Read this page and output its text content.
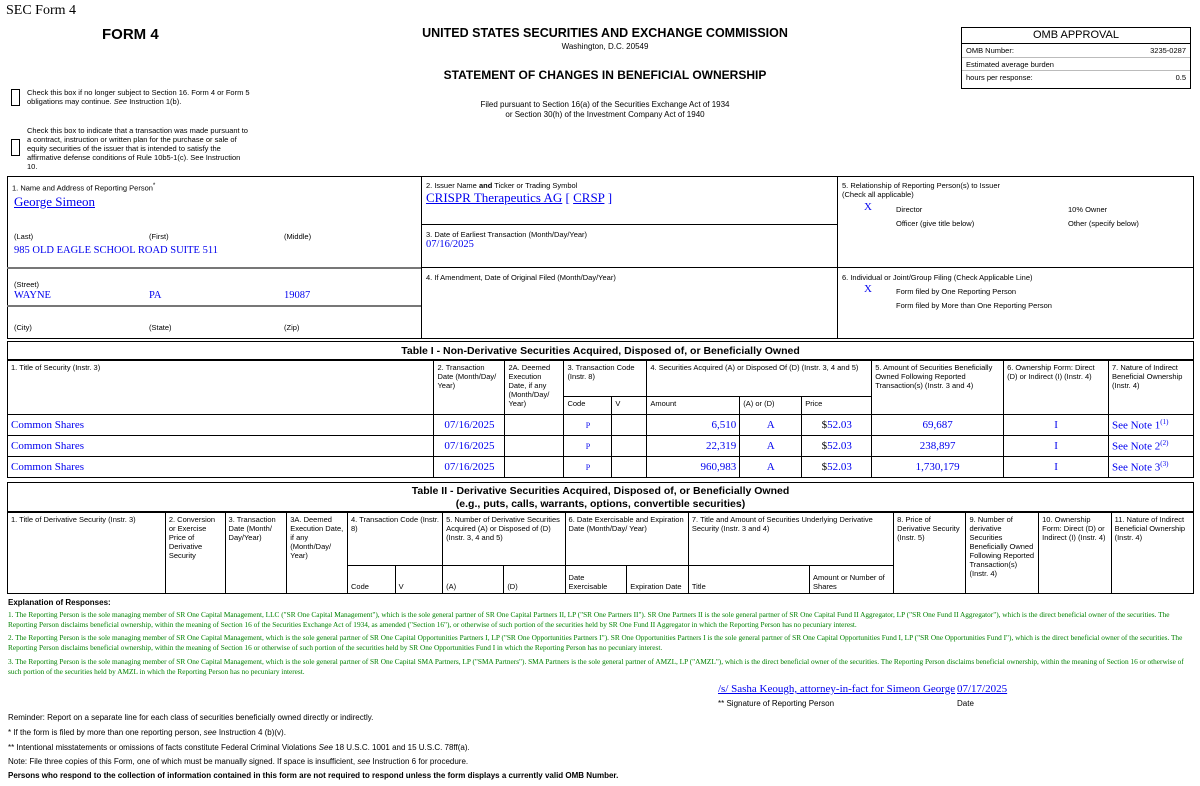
SEC Form 4
FORM 4	UNITED STATES SECURITIES AND EXCHANGE COMMISSION
Washington, D.C. 20549
STATEMENT OF CHANGES IN BENEFICIAL OWNERSHIP
Filed pursuant to Section 16(a) of the Securities Exchange Act of 1934
or Section 30(h) of the Investment Company Act of 1940
OMB APPROVAL
OMB Number:	3235-0287
Estimated average burden
hours per response:	0.5
Check this box if no longer subject to Section 16. Form 4 or Form 5
obligations may continue. See Instruction 1(b).
Check this box to indicate that a transaction was made pursuant to
a contract, instruction or written plan for the purchase or sale of
equity securities of the issuer that is intended to satisfy the
affirmative defense conditions of Rule 10b5-1(c). See Instruction
10.
1. Name and Address of Reporting Person*
George Simeon
(Last)	(First)	(Middle)
985 OLD EAGLE SCHOOL ROAD SUITE 511
(Street)
WAYNE	PA	19087
(City)	(State)	(Zip)
2. Issuer Name and Ticker or Trading Symbol
CRISPR Therapeutics AG [ CRSP ]
3. Date of Earliest Transaction (Month/Day/Year)
07/16/2025
4. If Amendment, Date of Original Filed (Month/Day/Year)
5. Relationship of Reporting Person(s) to Issuer
(Check all applicable)
X	Director	10% Owner
Officer (give title below)	Other (specify below)
6. Individual or Joint/Group Filing (Check Applicable Line)
X	Form filed by One Reporting Person
Form filed by More than One Reporting Person
Table I - Non-Derivative Securities Acquired, Disposed of, or Beneficially Owned
1. Title of Security (Instr. 3)	2. Transaction Date (Month/Day/ Year)	2A. Deemed Execution Date, if any (Month/Day/ Year)	3. Transaction Code (Instr. 8)		4. Securities Acquired (A) or Disposed Of (D) (Instr. 3, 4 and 5)			5. Amount of Securities Beneficially Owned Following Reported Transaction(s) (Instr. 3 and 4)	6. Ownership Form: Direct (D) or Indirect (I) (Instr. 4)	7. Nature of Indirect Beneficial Ownership (Instr. 4)
			Code	V	Amount	(A) or (D)	Price			
Common Shares	07/16/2025		P		6,510	A	$52.03	69,687	I	See Note 1$^{(1)}$
Common Shares	07/16/2025		P		22,319	A	$52.03	238,897	I	See Note 2$^{(2)}$
Common Shares	07/16/2025		P		960,983	A	$52.03	1,730,179	I	See Note 3$^{(3)}$
Table II - Derivative Securities Acquired, Disposed of, or Beneficially Owned
(e.g., puts, calls, warrants, options, convertible securities)
1. Title of Derivative Security (Instr. 3)	2. Conversion or Exercise Price of Derivative Security	3. Transaction Date (Month/ Day/Year)	3A. Deemed Execution Date, if any (Month/Day/ Year)	4. Transaction Code (Instr. 8)		5. Number of Derivative Securities Acquired (A) or Disposed of (D) (Instr. 3, 4 and 5)		6. Date Exercisable and Expiration Date (Month/Day/ Year)		7. Title and Amount of Securities Underlying Derivative Security (Instr. 3 and 4)		8. Price of Derivative Security (Instr. 5)	9. Number of derivative Securities Beneficially Owned Following Reported Transaction(s) (Instr. 4)	10. Ownership Form: Direct (D) or Indirect (I) (Instr. 4)	11. Nature of Indirect Beneficial Ownership (Instr. 4)
				Code	V	(A)	(D)	Date Exercisable	Expiration Date	Title	Amount or Number of Shares				
Explanation of Responses:
1. The Reporting Person is the sole managing member of SR One Capital Management, LLC ("SR One Capital Management"), which is the sole general partner of SR One Capital Partners II, LP ("SR One Partners II"). SR One Partners II is the sole general partner of SR One Capital Fund II Aggregator, LP ("SR One Fund II Aggregator"), which is the direct beneficial owner of the securities. The Reporting Person disclaims beneficial ownership, within the meaning of Section 16 of the Securities Exchange Act of 1934, as amended ("Section 16"), or otherwise of such portion of the securities held by SR One Fund II Aggregator in which the Reporting Person has no pecuniary interest.
2. The Reporting Person is the sole managing member of SR One Capital Management, which is the sole general partner of SR One Capital Opportunities Partners I, LP ("SR One Opportunities Partners I"). SR One Opportunities Partners I is the sole general partner of SR One Capital Opportunities Fund I, LP ("SR One Opportunities Fund I"), which is the direct beneficial owner of the securities. The Reporting Person disclaims beneficial ownership, within the meaning of Section 16 or otherwise of such portion of the securities held by SR One Opportunities Fund I in which the Reporting Person has no pecuniary interest.
3. The Reporting Person is the sole managing member of SR One Capital Management, which is the sole general partner of SR One Capital SMA Partners, LP ("SMA Partners"). SMA Partners is the sole general partner of AMZL, LP ("AMZL"), which is the direct beneficial owner of the securities. The Reporting Person disclaims beneficial ownership, within the meaning of Section 16 or otherwise of such portion of the securities held by AMZL in which the Reporting Person has no pecuniary interest.
/s/ Sasha Keough, attorney-in-fact for Simeon George 07/17/2025
** Signature of Reporting Person	Date
Reminder: Report on a separate line for each class of securities beneficially owned directly or indirectly.
* If the form is filed by more than one reporting person, see Instruction 4 (b)(v).
** Intentional misstatements or omissions of facts constitute Federal Criminal Violations See 18 U.S.C. 1001 and 15 U.S.C. 78ff(a).
Note: File three copies of this Form, one of which must be manually signed. If space is insufficient, see Instruction 6 for procedure.
Persons who respond to the collection of information contained in this form are not required to respond unless the form displays a currently valid OMB Number.
